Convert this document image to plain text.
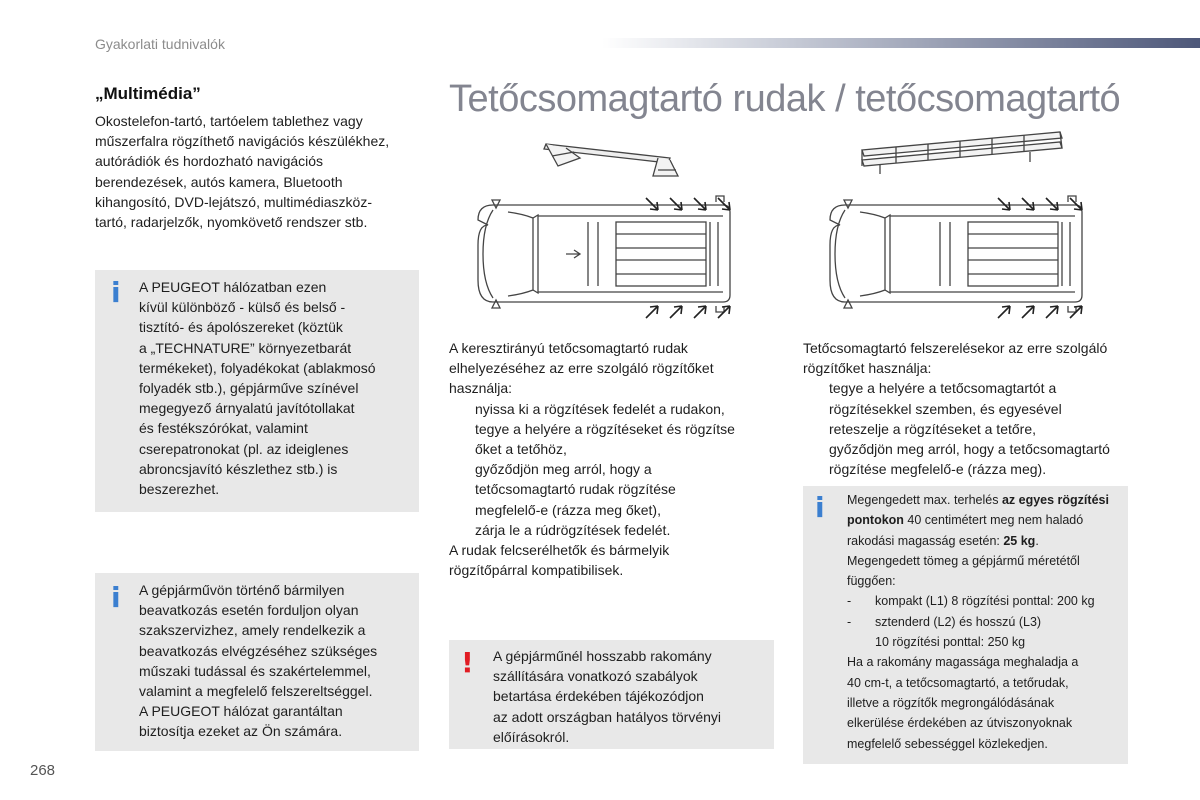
Gyakorlati tudnivalók
„Multimédia”

Okostelefon-tartó, tartóelem tablethez vagy

műszerfalra rögzíthető navigációs készülékhez,

autórádiók és hordozható navigációs

berendezések, autós kamera, Bluetooth

kihangosító, DVD-lejátszó, multimédiaszköz-

tartó, radarjelzők, nyomkövető rendszer stb.

i A PEUGEOT hálózatban ezen

kívül különböző - külső és belső -

tisztító- és ápolószereket (köztük

a „TECHNATURE” környezetbarát

termékeket), folyadékokat (ablakmosó

folyadék stb.), gépjárműve színével

megegyező árnyalatú javítótollakat

és festékszórókat, valamint

cserepatronokat (pl. az ideiglenes

abroncsjavító készlethez stb.) is

beszerezhet.

i A gépjárművön történő bármilyen

beavatkozás esetén forduljon olyan

szakszervizhez, amely rendelkezik a

beavatkozás elvégzéséhez szükséges

műszaki tudással és szakértelemmel,

valamint a megfelelő felszereltséggel.

A PEUGEOT hálózat garantáltan

biztosítja ezeket az Ön számára.

Tetőcsomagtartó rudak / tetőcsomagtartó

A keresztirányú tetőcsomagtartó rudak

elhelyezéséhez az erre szolgáló rögzítőket

használja:

nyissa ki a rögzítések fedelét a rudakon,

tegye a helyére a rögzítéseket és rögzítse

őket a tetőhöz,

győződjön meg arról, hogy a

tetőcsomagtartó rudak rögzítése

megfelelő-e (rázza meg őket),

zárja le a rúdrögzítések fedelét.

A rudak felcserélhetők és bármelyik

rögzítőpárral kompatibilisek.

! A gépjárműnél hosszabb rakomány

szállítására vonatkozó szabályok

betartása érdekében tájékozódjon

az adott országban hatályos törvényi

előírásokról.

Tetőcsomagtartó felszerelésekor az erre szolgáló

rögzítőket használja:

tegye a helyére a tetőcsomagtartót a

rögzítésekkel szemben, és egyesével

reteszelje a rögzítéseket a tetőre,

győződjön meg arról, hogy a tetőcsomagtartó

rögzítése megfelelő-e (rázza meg).

i Megengedett max. terhelés az egyes rögzítési

pontokon 40 centimétert meg nem haladó

rakodási magasság esetén: 25 kg.

Megengedett tömeg a gépjármű méretétől

függően:

-	kompakt (L1) 8 rögzítési ponttal: 200 kg
-	sztenderd (L2) és hosszú (L3)

10 rögzítési ponttal: 250 kg

Ha a rakomány magassága meghaladja a

40 cm-t, a tetőcsomagtartó, a tetőrudak,

illetve a rögzítők megrongálódásának

elkerülése érdekében az útviszonyoknak

megfelelő sebességgel közlekedjen.

268
